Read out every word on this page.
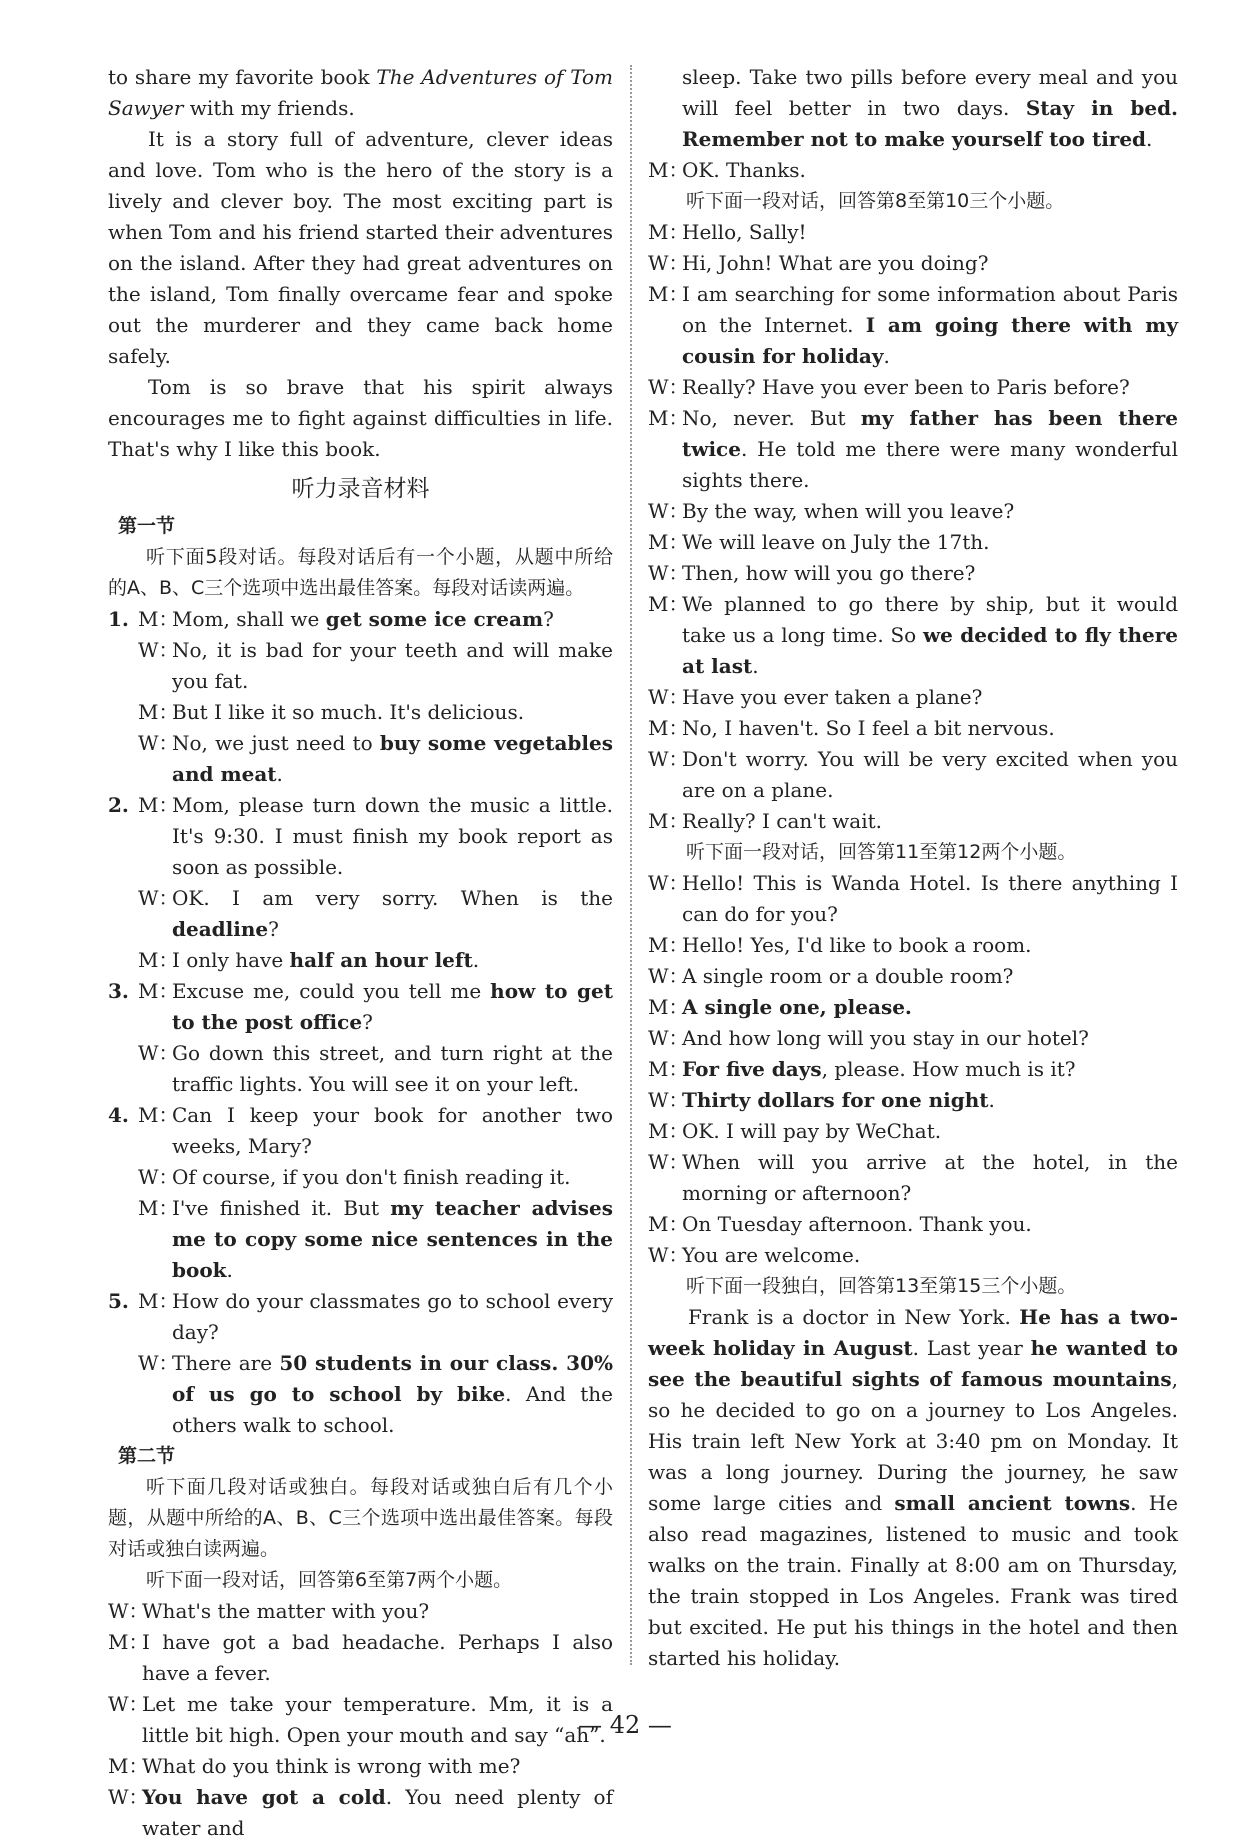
to share my favorite book The Adventures of Tom Sawyer with my friends.

It is a story full of adventure, clever ideas and love. Tom who is the hero of the story is a lively and clever boy. The most exciting part is when Tom and his friend started their adventures on the island. After they had great adventures on the island, Tom finally overcame fear and spoke out the murderer and they came back home safely.

Tom is so brave that his spirit always encourages me to fight against difficulties in life. That's why I like this book.

听力录音材料
第一节

听下面5段对话。每段对话后有一个小题，从题中所给的A、B、C三个选项中选出最佳答案。每段对话读两遍。

1. M：
Mom, shall we get some ice cream?
W：
No, it is bad for your teeth and will make you fat.
M：
But I like it so much. It's delicious.
W：
No, we just need to buy some vegetables and meat.
2. M：
Mom, please turn down the music a little. It's 9:30. I must finish my book report as soon as possible.
W：
OK. I am very sorry. When is the deadline?
M：
I only have half an hour left.
3. M：
Excuse me, could you tell me how to get to the post office?
W：
Go down this street, and turn right at the traffic lights. You will see it on your left.
4. M：
Can I keep your book for another two weeks, Mary?
W：
Of course, if you don't finish reading it.
M：
I've finished it. But my teacher advises me to copy some nice sentences in the book.
5. M：
How do your classmates go to school every day?
W：
There are 50 students in our class. 30% of us go to school by bike. And the others walk to school.
第二节

听下面几段对话或独白。每段对话或独白后有几个小题，从题中所给的A、B、C三个选项中选出最佳答案。每段对话或独白读两遍。

听下面一段对话，回答第6至第7两个小题。

W：
What's the matter with you?
M：
I have got a bad headache. Perhaps I also have a fever.
W：
Let me take your temperature. Mm, it is a little bit high. Open your mouth and say “ah”.
M：
What do you think is wrong with me?
W：
You have got a cold. You need plenty of water and
sleep. Take two pills before every meal and you will feel better in two days. Stay in bed. Remember not to make yourself too tired.
M：
OK. Thanks.

听下面一段对话，回答第8至第10三个小题。

M：
Hello, Sally!
W：
Hi, John! What are you doing?
M：
I am searching for some information about Paris on the Internet. I am going there with my cousin for holiday.
W：
Really? Have you ever been to Paris before?
M：
No, never. But my father has been there twice. He told me there were many wonderful sights there.
W：
By the way, when will you leave?
M：
We will leave on July the 17th.
W：
Then, how will you go there?
M：
We planned to go there by ship, but it would take us a long time. So we decided to fly there at last.
W：
Have you ever taken a plane?
M：
No, I haven't. So I feel a bit nervous.
W：
Don't worry. You will be very excited when you are on a plane.
M：
Really? I can't wait.

听下面一段对话，回答第11至第12两个小题。

W：
Hello! This is Wanda Hotel. Is there anything I can do for you?
M：
Hello! Yes, I'd like to book a room.
W：
A single room or a double room?
M：
A single one, please.
W：
And how long will you stay in our hotel?
M：
For five days, please. How much is it?
W：
Thirty dollars for one night.
M：
OK. I will pay by WeChat.
W：
When will you arrive at the hotel, in the morning or afternoon?
M：
On Tuesday afternoon. Thank you.
W：
You are welcome.

听下面一段独白，回答第13至第15三个小题。

Frank is a doctor in New York. He has a two-week holiday in August. Last year he wanted to see the beautiful sights of famous mountains, so he decided to go on a journey to Los Angeles. His train left New York at 3:40 pm on Monday. It was a long journey. During the journey, he saw some large cities and small ancient towns. He also read magazines, listened to music and took walks on the train. Finally at 8:00 am on Thursday, the train stopped in Los Angeles. Frank was tired but excited. He put his things in the hotel and then started his holiday.

— 42 —
